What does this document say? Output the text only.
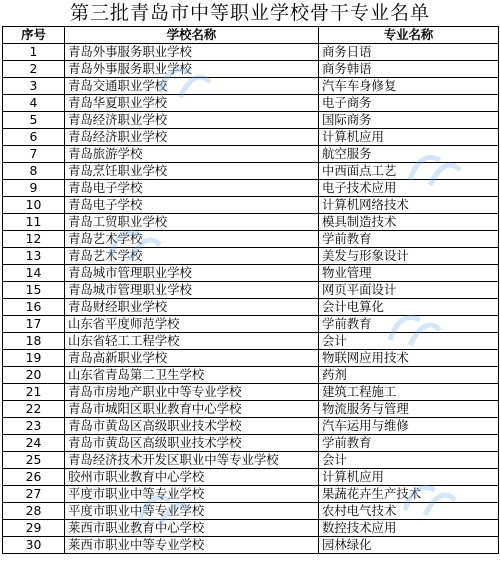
第三批青岛市中等职业学校骨干专业名单
序号	学校名称	专业名称
1	青岛外事服务职业学校	商务日语
2	青岛外事服务职业学校	商务韩语
3	青岛交通职业学校	汽车车身修复
4	青岛华夏职业学校	电子商务
5	青岛经济职业学校	国际商务
6	青岛经济职业学校	计算机应用
7	青岛旅游学校	航空服务
8	青岛烹饪职业学校	中西面点工艺
9	青岛电子学校	电子技术应用
10	青岛电子学校	计算机网络技术
11	青岛工贸职业学校	模具制造技术
12	青岛艺术学校	学前教育
13	青岛艺术学校	美发与形象设计
14	青岛城市管理职业学校	物业管理
15	青岛城市管理职业学校	网页平面设计
16	青岛财经职业学校	会计电算化
17	山东省平度师范学校	学前教育
18	山东省轻工工程学校	会计
19	青岛高新职业学校	物联网应用技术
20	山东省青岛第二卫生学校	药剂
21	青岛市房地产职业中等专业学校	建筑工程施工
22	青岛市城阳区职业教育中心学校	物流服务与管理
23	青岛市黄岛区高级职业技术学校	汽车运用与维修
24	青岛市黄岛区高级职业技术学校	学前教育
25	青岛经济技术开发区职业中等专业学校	会计
26	胶州市职业教育中心学校	计算机应用
27	平度市职业中等专业学校	果蔬花卉生产技术
28	平度市职业中等专业学校	农村电气技术
29	莱西市职业教育中心学校	数控技术应用
30	莱西市职业中等专业学校	园林绿化
